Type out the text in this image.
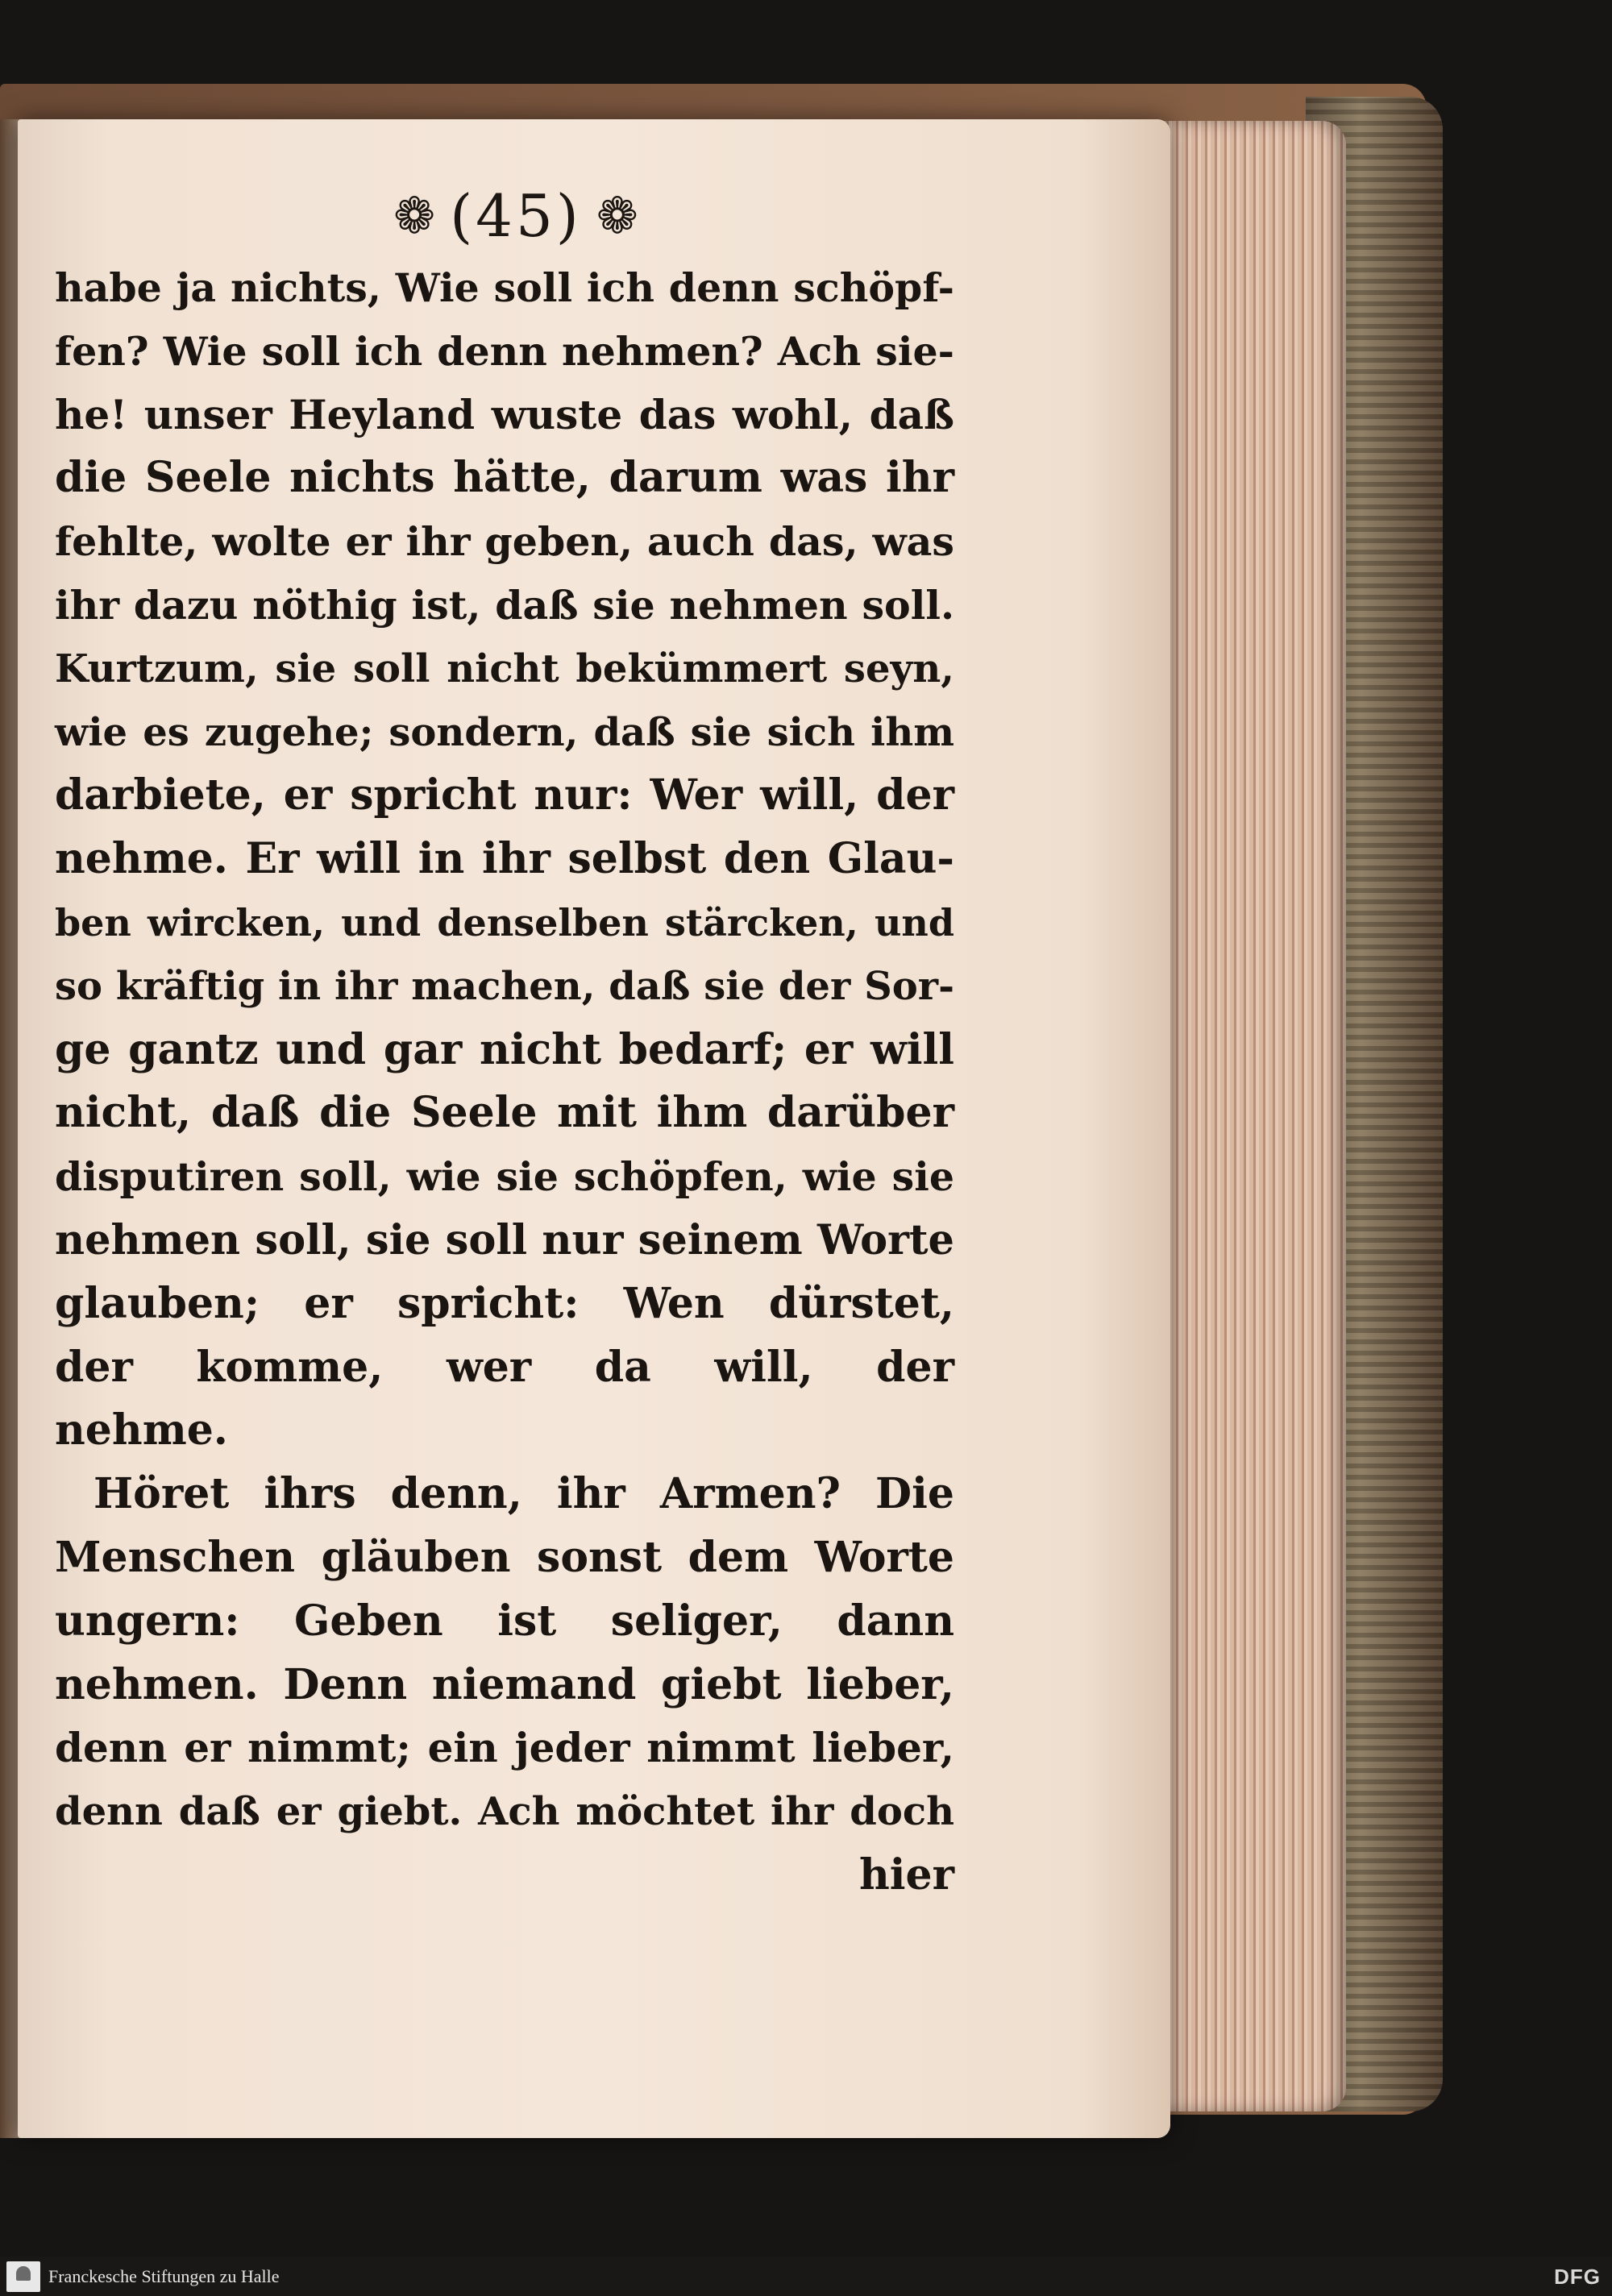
❁ (45) ❁
habe ja nichts, Wie soll ich denn schöpf-
fen? Wie soll ich denn nehmen? Ach sie-
he! unser Heyland wuste das wohl, daß
die Seele nichts hätte, darum was ihr
fehlte, wolte er ihr geben, auch das, was
ihr dazu nöthig ist, daß sie nehmen soll.
Kurtzum, sie soll nicht bekümmert seyn,
wie es zugehe; sondern, daß sie sich ihm
darbiete, er spricht nur: Wer will, der
nehme. Er will in ihr selbst den Glau-
ben wircken, und denselben stärcken, und
so kräftig in ihr machen, daß sie der Sor-
ge gantz und gar nicht bedarf; er will
nicht, daß die Seele mit ihm darüber
disputiren soll, wie sie schöpfen, wie sie
nehmen soll, sie soll nur seinem Worte
glauben; er spricht: Wen dürstet,
der komme, wer da will, der
nehme.
Höret ihrs denn, ihr Armen? Die
Menschen gläuben sonst dem Worte
ungern: Geben ist seliger, dann
nehmen. Denn niemand giebt lieber,
denn er nimmt; ein jeder nimmt lieber,
denn daß er giebt. Ach möchtet ihr doch
hier
Franckesche Stiftungen zu Halle	DFG
